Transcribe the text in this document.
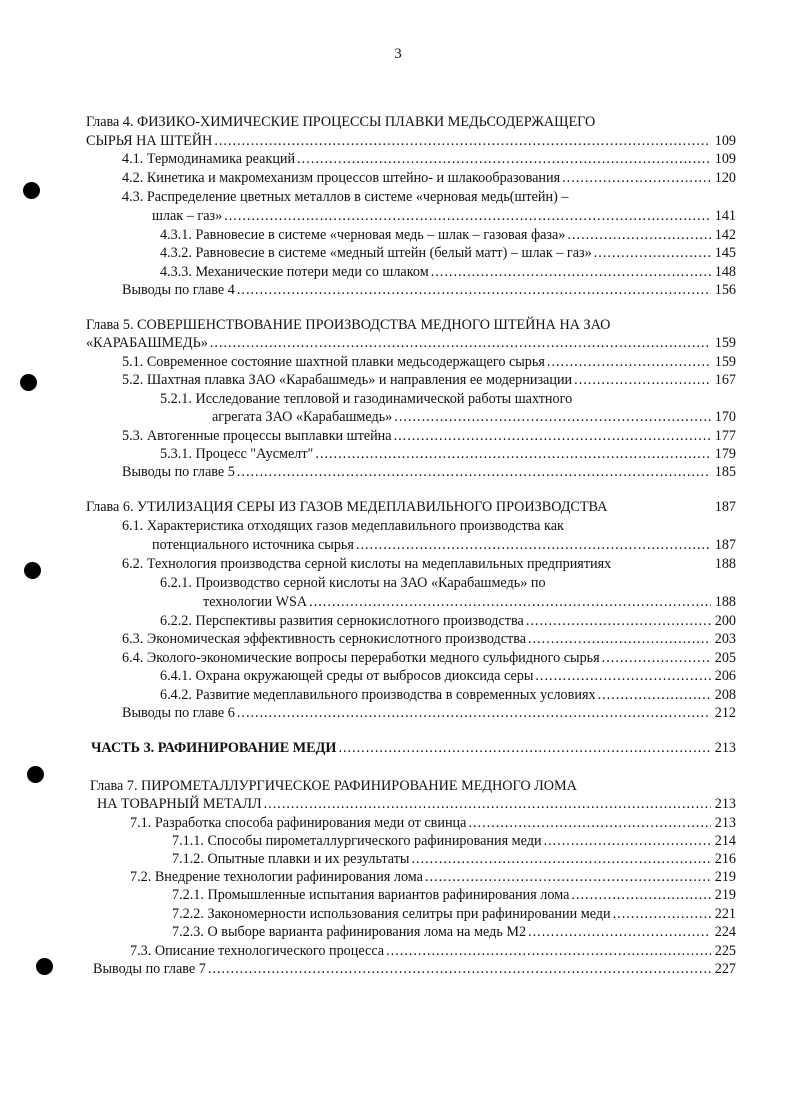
3
Глава 4. ФИЗИКО-ХИМИЧЕСКИЕ ПРОЦЕССЫ ПЛАВКИ МЕДЬСОДЕРЖАЩЕГО
СЫРЬЯ НА ШТЕЙН .....	109
4.1. Термодинамика реакций .....	109
4.2. Кинетика и макромеханизм процессов штейно- и шлакообразования .....	120
4.3. Распределение цветных металлов в системе «черновая медь(штейн) –
шлак – газ» .....	141
4.3.1. Равновесие в системе «черновая медь – шлак – газовая фаза» .....	142
4.3.2. Равновесие в системе «медный штейн (белый матт) – шлак – газ» .....	145
4.3.3. Механические потери меди со шлаком .....	148
Выводы по главе 4 .....	156
Глава 5. СОВЕРШЕНСТВОВАНИЕ ПРОИЗВОДСТВА МЕДНОГО ШТЕЙНА НА ЗАО
«КАРАБАШМЕДЬ» .....	159
5.1. Современное состояние шахтной плавки медьсодержащего сырья .....	159
5.2. Шахтная плавка ЗАО «Карабашмедь» и направления ее модернизации .....	167
5.2.1. Исследование тепловой и газодинамической работы шахтного
агрегата ЗАО «Карабашмедь» .....	170
5.3. Автогенные процессы выплавки штейна .....	177
5.3.1. Процесс "Аусмелт" .....	179
Выводы по главе 5 .....	185
Глава 6. УТИЛИЗАЦИЯ СЕРЫ ИЗ ГАЗОВ МЕДЕПЛАВИЛЬНОГО ПРОИЗВОДСТВА	187
6.1. Характеристика отходящих газов медеплавильного производства как
потенциального источника сырья .....	187
6.2. Технология производства серной кислоты на медеплавильных предприятиях	188
6.2.1. Производство серной кислоты на ЗАО «Карабашмедь» по
технологии WSA .....	188
6.2.2. Перспективы развития сернокислотного производства .....	200
6.3. Экономическая эффективность сернокислотного производства .....	203
6.4. Эколого-экономические вопросы переработки медного сульфидного сырья .....	205
6.4.1. Охрана окружающей среды от выбросов диоксида серы .....	206
6.4.2. Развитие медеплавильного производства в современных условиях .....	208
Выводы по главе 6 .....	212
ЧАСТЬ 3. РАФИНИРОВАНИЕ МЕДИ .....	213
Глава 7. ПИРОМЕТАЛЛУРГИЧЕСКОЕ РАФИНИРОВАНИЕ МЕДНОГО ЛОМА
НА ТОВАРНЫЙ МЕТАЛЛ .....	213
7.1. Разработка способа рафинирования меди от свинца .....	213
7.1.1. Способы пирометаллургического рафинирования меди .....	214
7.1.2. Опытные плавки и их результаты .....	216
7.2. Внедрение технологии рафинирования лома .....	219
7.2.1. Промышленные испытания вариантов рафинирования лома .....	219
7.2.2. Закономерности использования селитры при рафинировании меди .....	221
7.2.3. О выборе варианта рафинирования лома на медь М2 .....	224
7.3. Описание технологического процесса .....	225
Выводы по главе 7 .....	227
